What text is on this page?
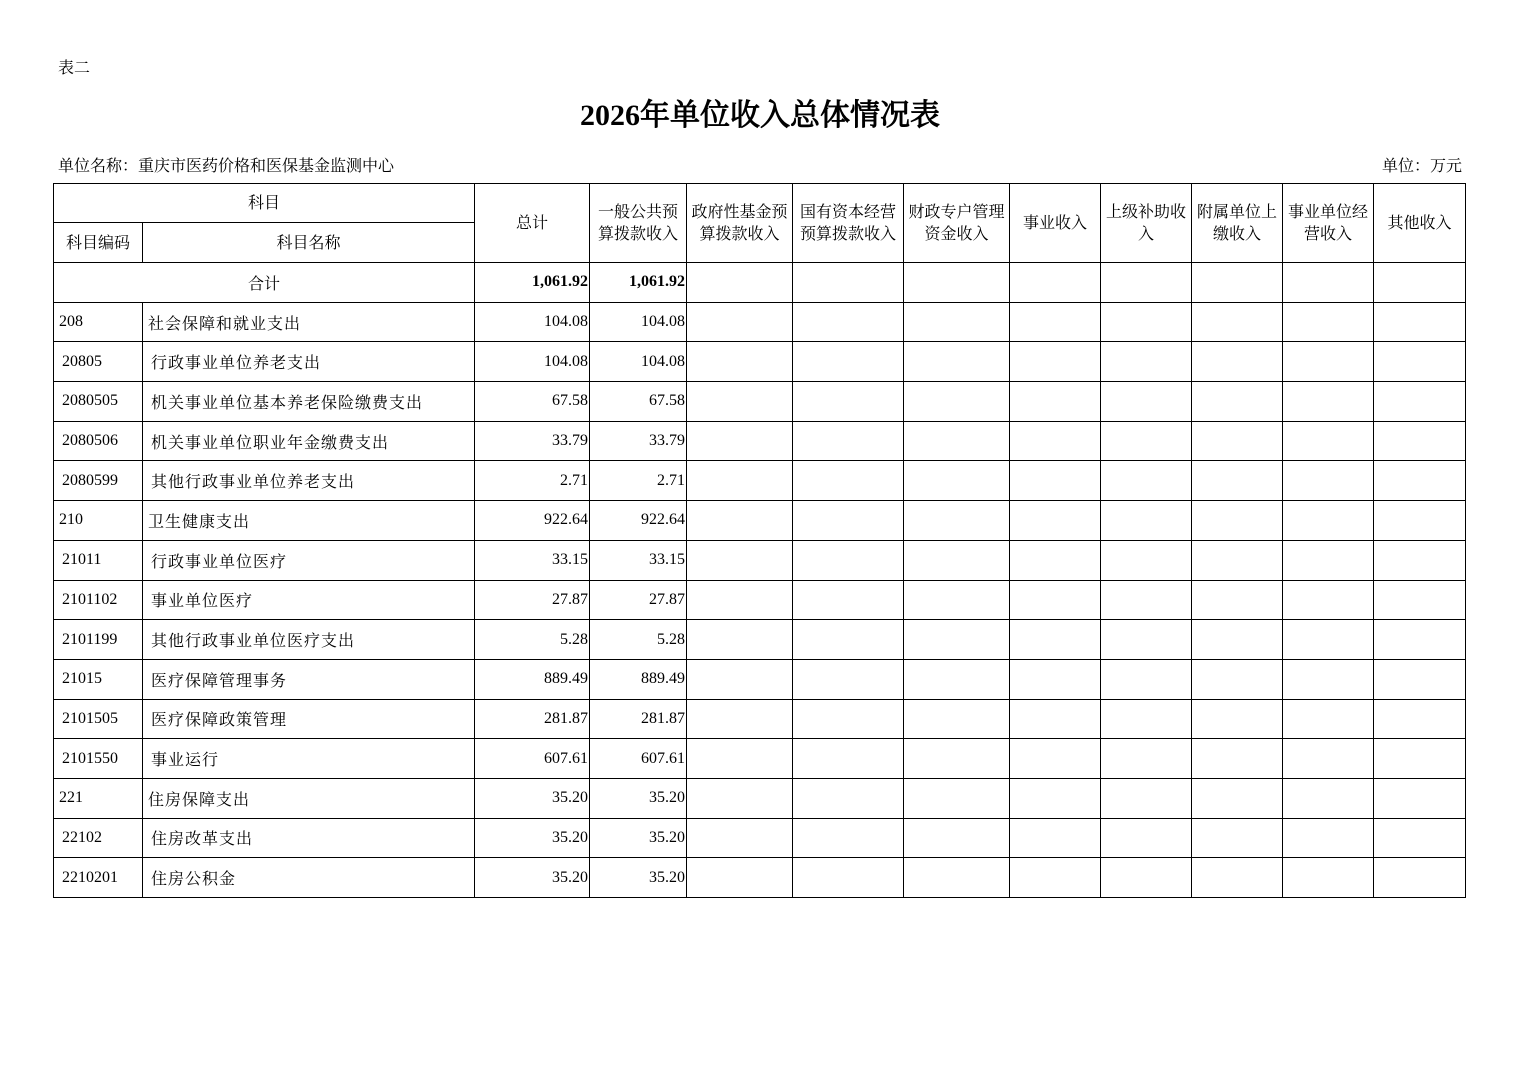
表二
2026年单位收入总体情况表
单位名称：重庆市医药价格和医保基金监测中心	单位：万元
科目		总计	一般公共预算拨款收入	政府性基金预算拨款收入	国有资本经营预算拨款收入	财政专户管理资金收入	事业收入	上级补助收入	附属单位上缴收入	事业单位经营收入	其他收入
科目编码	科目名称										
合计		1,061.92	1,061.92								
208	社会保障和就业支出	104.08	104.08								
20805	行政事业单位养老支出	104.08	104.08								
2080505	机关事业单位基本养老保险缴费支出	67.58	67.58								
2080506	机关事业单位职业年金缴费支出	33.79	33.79								
2080599	其他行政事业单位养老支出	2.71	2.71								
210	卫生健康支出	922.64	922.64								
21011	行政事业单位医疗	33.15	33.15								
2101102	事业单位医疗	27.87	27.87								
2101199	其他行政事业单位医疗支出	5.28	5.28								
21015	医疗保障管理事务	889.49	889.49								
2101505	医疗保障政策管理	281.87	281.87								
2101550	事业运行	607.61	607.61								
221	住房保障支出	35.20	35.20								
22102	住房改革支出	35.20	35.20								
2210201	住房公积金	35.20	35.20								
